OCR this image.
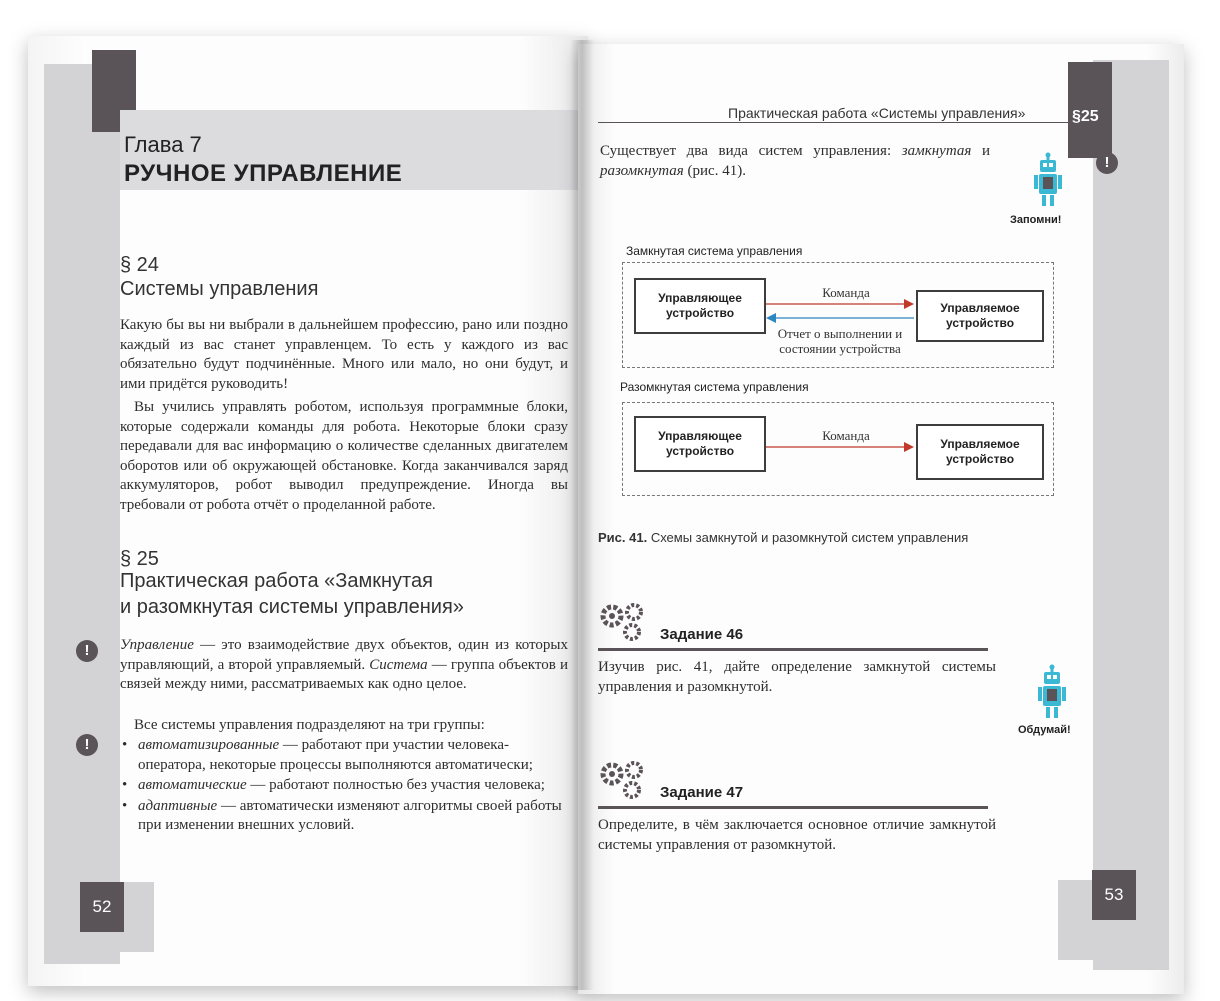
Глава 7
РУЧНОЕ УПРАВЛЕНИЕ
§ 24
Системы управления
Какую бы вы ни выбрали в дальнейшем профессию, рано или поздно каждый из вас станет управленцем. То есть у каждого из вас обязательно будут подчинённые. Много или мало, но они будут, и ими придётся руководить!
Вы учились управлять роботом, используя программные блоки, которые содержали команды для робота. Некоторые блоки сразу передавали для вас информацию о количестве сделанных двигателем оборотов или об окружающей обстановке. Когда заканчивался заряд аккумуляторов, робот выводил предупреждение. Иногда вы требовали от робота отчёт о проделанной работе.
§ 25
Практическая работа «Замкнутая
и разомкнутая системы управления»
!	Управление — это взаимодействие двух объектов, один из которых управляющий, а второй управляемый. Система — группа объектов и связей между ними, рассматриваемых как одно целое.
!
Все системы управления подразделяют на три группы:
• автоматизированные — работают при участии человека-оператора, некоторые процессы выполняются автоматически;
• автоматические — работают полностью без участия человека;
• адаптивные — автоматически изменяют алгоритмы своей работы при изменении внешних условий.
52
§25
Практическая работа «Системы управления»
Существует два вида систем управления: замкнутая и разомкнутая (рис. 41).
Запомни!
!
Замкнутая система управления
Управляющее устройство	Управляемое устройство
Команда
Отчет о выполнении и состоянии устройства
Разомкнутая система управления
Управляющее устройство	Управляемое устройство
Команда
Рис. 41. Схемы замкнутой и разомкнутой систем управления
Задание 46
Изучив рис. 41, дайте определение замкнутой системы управления и разомкнутой.
Обдумай!
Задание 47
Определите, в чём заключается основное отличие замкнутой системы управления от разомкнутой.
53
